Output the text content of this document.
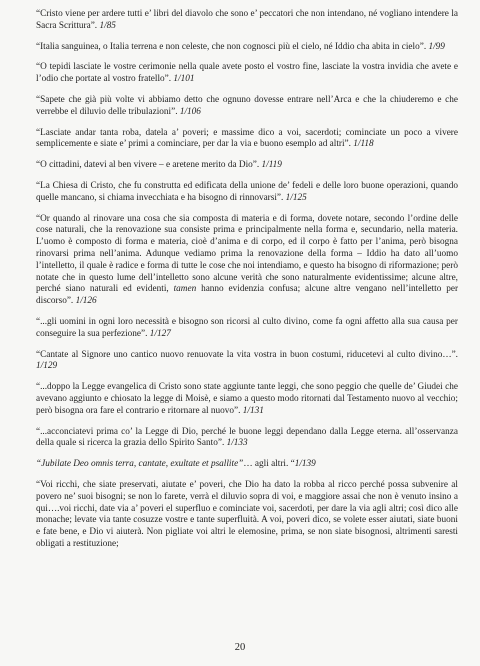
“Cristo viene per ardere tutti e’ libri del diavolo che sono e’ peccatori che non intendano, né vogliano intendere la Sacra Scrittura”. 1/85

“Italia sanguinea, o Italia terrena e non celeste, che non cognosci più el cielo, né Iddio cha abita in cielo”. 1/99

“O tepidi lasciate le vostre cerimonie nella quale avete posto el vostro fine, lasciate la vostra invidia che avete e l’odio che portate al vostro fratello”. 1/101

“Sapete che già più volte vi abbiamo detto che ognuno dovesse entrare nell’Arca e che la chiuderemo e che verrebbe el diluvio delle tribulazioni”. 1/106

“Lasciate andar tanta roba, datela a’ poveri; e massime dico a voi, sacerdoti; cominciate un poco a vivere semplicemente e siate e’ primi a cominciare, per dar la via e buono esemplo ad altri”. 1/118

“O cittadini, datevi al ben vivere – e aretene merito da Dio”. 1/119

“La Chiesa di Cristo, che fu construtta ed edificata della unione de’ fedeli e delle loro buone operazioni, quando quelle mancano, si chiama invecchiata e ha bisogno di rinnovarsi”. 1/125

“Or quando al rinovare una cosa che sia composta di materia e di forma, dovete notare, secondo l’ordine delle cose naturali, che la renovazione sua consiste prima e principalmente nella forma e, secundario, nella materia. L’uomo è composto di forma e materia, cioè d’anima e di corpo, ed il corpo è fatto per l’anima, però bisogna rinovarsi prima nell’anima. Adunque vediamo prima la renovazione della forma – Iddio ha dato all’uomo l’intelletto, il quale è radice e forma di tutte le cose che noi intendiamo, e questo ha bisogno di riformazione; però notate che in questo lume dell’intelletto sono alcune verità che sono naturalmente evidentissime; alcune altre, perché siano naturali ed evidenti, tamen hanno evidenzia confusa; alcune altre vengano nell’intelletto per discorso”. 1/126

“...gli uomini in ogni loro necessità e bisogno son ricorsi al culto divino, come fa ogni affetto alla sua causa per conseguire la sua perfezione”. 1/127

“Cantate al Signore uno cantico nuovo renuovate la vita vostra in buon costumi, riducetevi al culto divino…”. 1/129

“...doppo la Legge evangelica di Cristo sono state aggiunte tante leggi, che sono peggio che quelle de’ Giudei che avevano aggiunto e chiosato la legge di Moisè, e siamo a questo modo ritornati dal Testamento nuovo al vecchio; però bisogna ora fare el contrario e ritornare al nuovo”. 1/131

“...acconciatevi prima co’ la Legge di Dio, perché le buone leggi dependano dalla Legge eterna. all’osservanza della quale si ricerca la grazia dello Spirito Santo”. 1/133

“Jubilate Deo omnis terra, cantate, exultate et psallite”… agli altri. “1/139

“Voi ricchi, che siate preservati, aiutate e’ poveri, che Dio ha dato la robba al ricco perché possa subvenire al povero ne’ suoi bisogni; se non lo farete, verrà el diluvio sopra di voi, e maggiore assai che non è venuto insino a qui….voi ricchi, date via a’ poveri el superfluo e cominciate voi, sacerdoti, per dare la via agli altri; così dico alle monache; levate via tante cosuzze vostre e tante superfluità. A voi, poveri dico, se volete esser aiutati, siate buoni e fate bene, e Dio vi aiuterà. Non pigliate voi altri le elemosine, prima, se non siate bisognosi, altrimenti saresti obligati a restituzione;

20
